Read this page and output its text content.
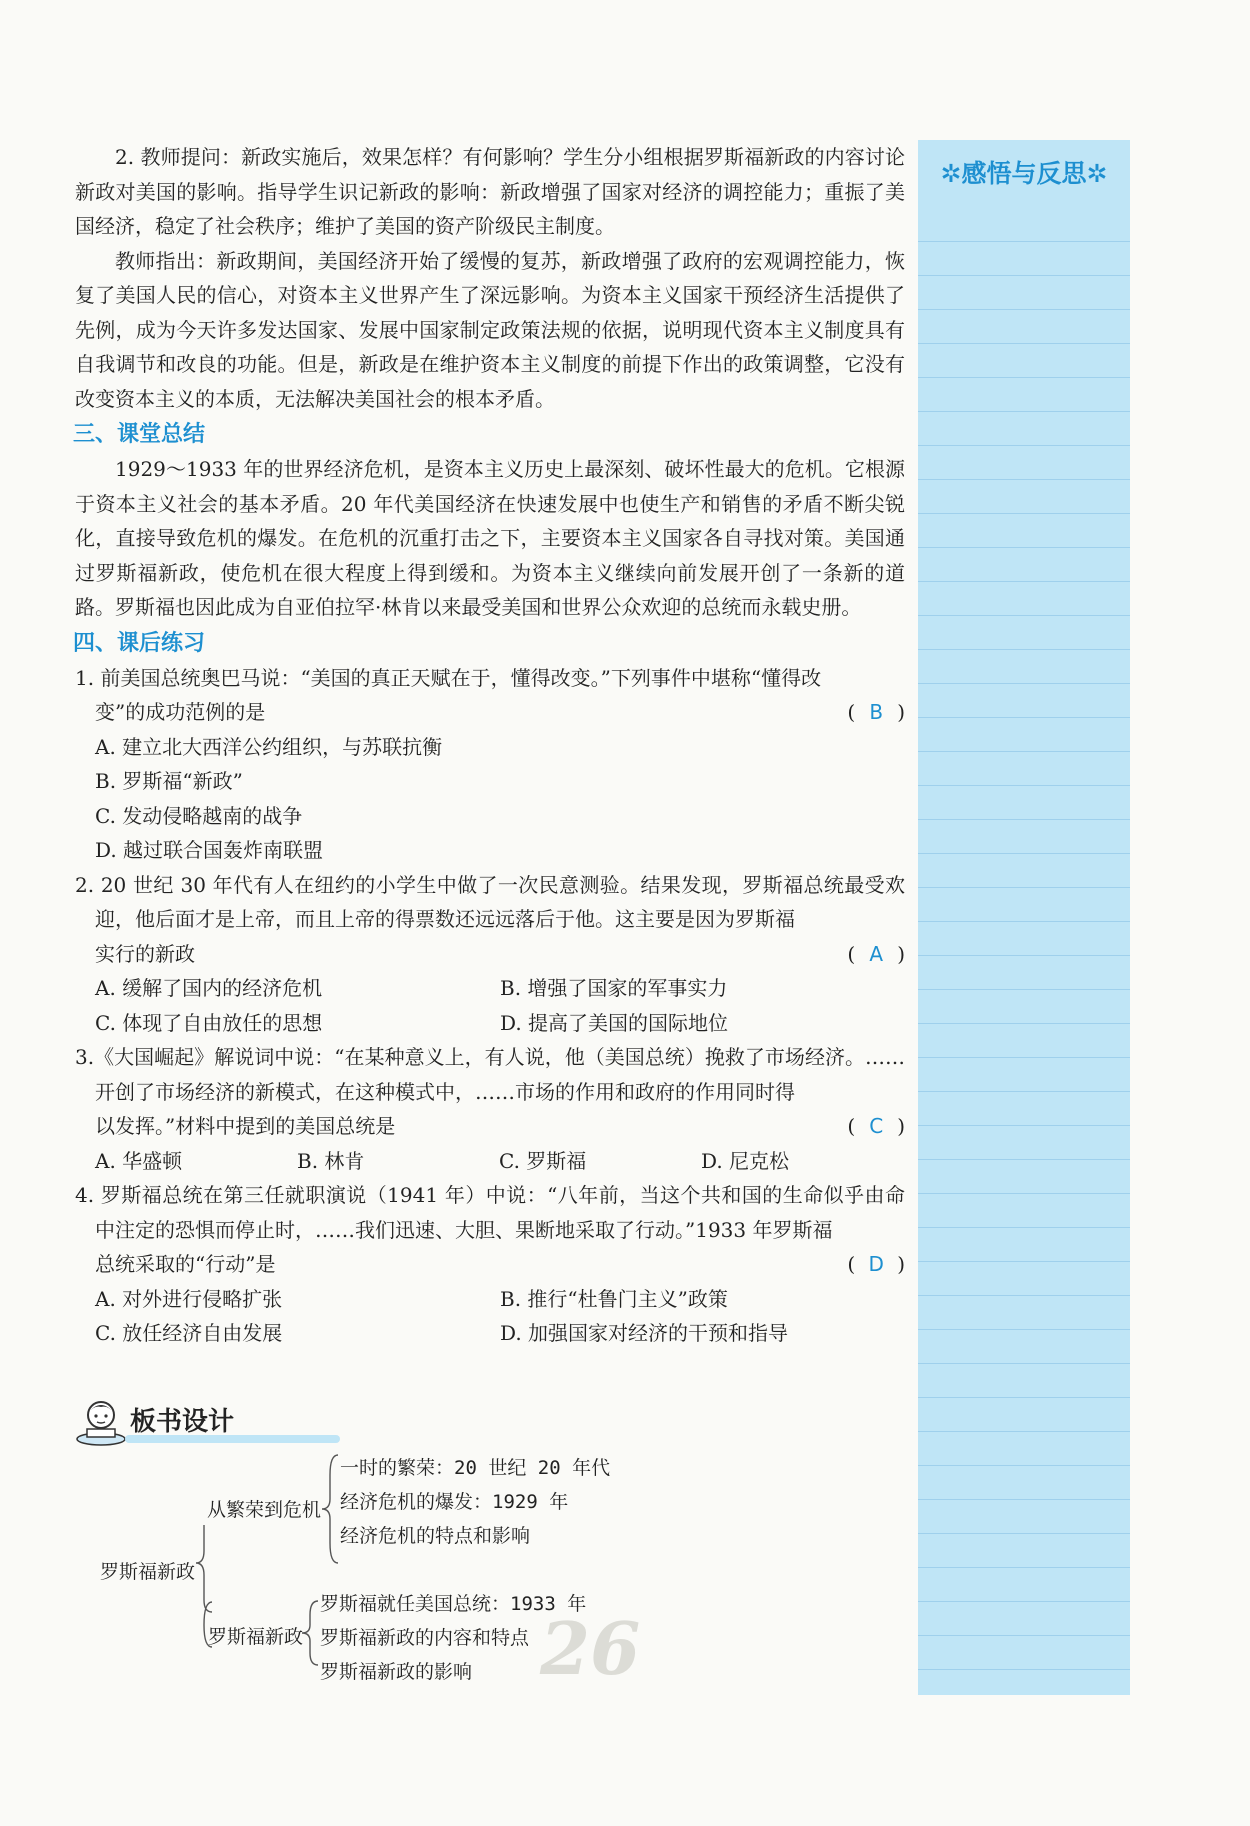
2. 教师提问：新政实施后，效果怎样？有何影响？学生分小组根据罗斯福新政的内容讨论新政对美国的影响。指导学生识记新政的影响：新政增强了国家对经济的调控能力；重振了美国经济，稳定了社会秩序；维护了美国的资产阶级民主制度。

教师指出：新政期间，美国经济开始了缓慢的复苏，新政增强了政府的宏观调控能力，恢复了美国人民的信心，对资本主义世界产生了深远影响。为资本主义国家干预经济生活提供了先例，成为今天许多发达国家、发展中国家制定政策法规的依据，说明现代资本主义制度具有自我调节和改良的功能。但是，新政是在维护资本主义制度的前提下作出的政策调整，它没有改变资本主义的本质，无法解决美国社会的根本矛盾。

三、课堂总结

1929～1933 年的世界经济危机，是资本主义历史上最深刻、破坏性最大的危机。它根源于资本主义社会的基本矛盾。20 年代美国经济在快速发展中也使生产和销售的矛盾不断尖锐化，直接导致危机的爆发。在危机的沉重打击之下，主要资本主义国家各自寻找对策。美国通过罗斯福新政，使危机在很大程度上得到缓和。为资本主义继续向前发展开创了一条新的道路。罗斯福也因此成为自亚伯拉罕·林肯以来最受美国和世界公众欢迎的总统而永载史册。

四、课后练习
1. 前美国总统奥巴马说：“美国的真正天赋在于，懂得改变。”下列事件中堪称“懂得改
变”的成功范例的是	( B )
A. 建立北大西洋公约组织，与苏联抗衡
B. 罗斯福“新政”
C. 发动侵略越南的战争
D. 越过联合国轰炸南联盟
2. 20 世纪 30 年代有人在纽约的小学生中做了一次民意测验。结果发现，罗斯福总统最受欢迎，他后面才是上帝，而且上帝的得票数还远远落后于他。这主要是因为罗斯福
实行的新政	( A )
A. 缓解了国内的经济危机	B. 增强了国家的军事实力
C. 体现了自由放任的思想	D. 提高了美国的国际地位
3.《大国崛起》解说词中说：“在某种意义上，有人说，他（美国总统）挽救了市场经济。……开创了市场经济的新模式，在这种模式中，……市场的作用和政府的作用同时得
以发挥。”材料中提到的美国总统是	( C )
A. 华盛顿	B. 林肯	C. 罗斯福	D. 尼克松
4. 罗斯福总统在第三任就职演说（1941 年）中说：“八年前，当这个共和国的生命似乎由命中注定的恐惧而停止时，……我们迅速、大胆、果断地采取了行动。”1933 年罗斯福
总统采取的“行动”是	( D )
A. 对外进行侵略扩张	B. 推行“杜鲁门主义”政策
C. 放任经济自由发展	D. 加强国家对经济的干预和指导
✲感悟与反思✲
板书设计
罗斯福新政
从繁荣到危机
一时的繁荣：20 世纪 20 年代
经济危机的爆发：1929 年
经济危机的特点和影响
罗斯福新政
罗斯福就任美国总统：1933 年
罗斯福新政的内容和特点
罗斯福新政的影响 26
